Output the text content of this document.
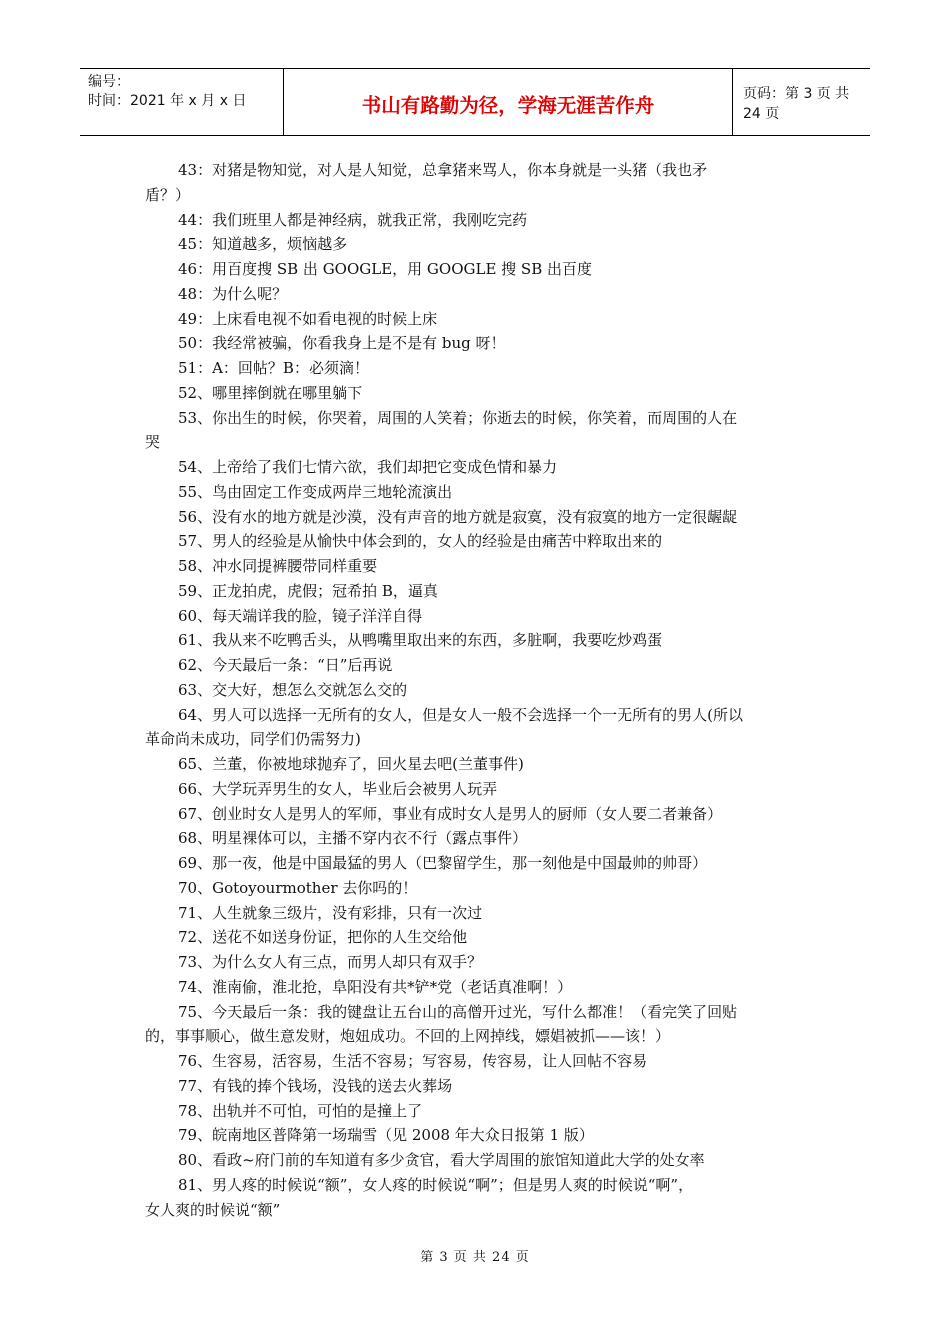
编号：
时间：2021 年 x 月 x 日	书山有路勤为径，学海无涯苦作舟	页码：第 3 页 共 24 页
43：对猪是物知觉，对人是人知觉，总拿猪来骂人，你本身就是一头猪（我也矛
盾？）
44：我们班里人都是神经病，就我正常，我刚吃完药
45：知道越多，烦恼越多
46：用百度搜 SB 出 GOOGLE，用 GOOGLE 搜 SB 出百度
48：为什么呢？
49：上床看电视不如看电视的时候上床
50：我经常被骗，你看我身上是不是有 bug 呀！
51：A：回帖？B：必须滴！
52、哪里摔倒就在哪里躺下
53、你出生的时候，你哭着，周围的人笑着；你逝去的时候，你笑着，而周围的人在
哭
54、上帝给了我们七情六欲，我们却把它变成色情和暴力
55、鸟由固定工作变成两岸三地轮流演出
56、没有水的地方就是沙漠，没有声音的地方就是寂寞，没有寂寞的地方一定很龌龊
57、男人的经验是从愉快中体会到的，女人的经验是由痛苦中粹取出来的
58、冲水同提裤腰带同样重要
59、正龙拍虎，虎假；冠希拍 B，逼真
60、每天端详我的脸，镜子洋洋自得
61、我从来不吃鸭舌头，从鸭嘴里取出来的东西，多脏啊，我要吃炒鸡蛋
62、今天最后一条：“日”后再说
63、交大好，想怎么交就怎么交的
64、男人可以选择一无所有的女人，但是女人一般不会选择一个一无所有的男人(所以
革命尚未成功，同学们仍需努力)
65、兰董，你被地球抛弃了，回火星去吧(兰董事件)
66、大学玩弄男生的女人，毕业后会被男人玩弄
67、创业时女人是男人的军师，事业有成时女人是男人的厨师（女人要二者兼备）
68、明星裸体可以，主播不穿内衣不行（露点事件）
69、那一夜，他是中国最猛的男人（巴黎留学生，那一刻他是中国最帅的帅哥）
70、Gotoyourmother 去你吗的！
71、人生就象三级片，没有彩排，只有一次过
72、送花不如送身份证，把你的人生交给他
73、为什么女人有三点，而男人却只有双手？
74、淮南偷，淮北抢，阜阳没有共*铲*党（老话真准啊！）
75、今天最后一条：我的键盘让五台山的高僧开过光，写什么都准！（看完笑了回贴
的，事事顺心，做生意发财，炮妞成功。不回的上网掉线，嫖娼被抓——该！）
76、生容易，活容易，生活不容易；写容易，传容易，让人回帖不容易
77、有钱的捧个钱场，没钱的送去火葬场
78、出轨并不可怕，可怕的是撞上了
79、皖南地区普降第一场瑞雪（见 2008 年大众日报第 1 版）
80、看政~府门前的车知道有多少贪官，看大学周围的旅馆知道此大学的处女率
81、男人疼的时候说“额”，女人疼的时候说“啊”；但是男人爽的时候说“啊”，
女人爽的时候说“额”
第 3 页 共 24 页
